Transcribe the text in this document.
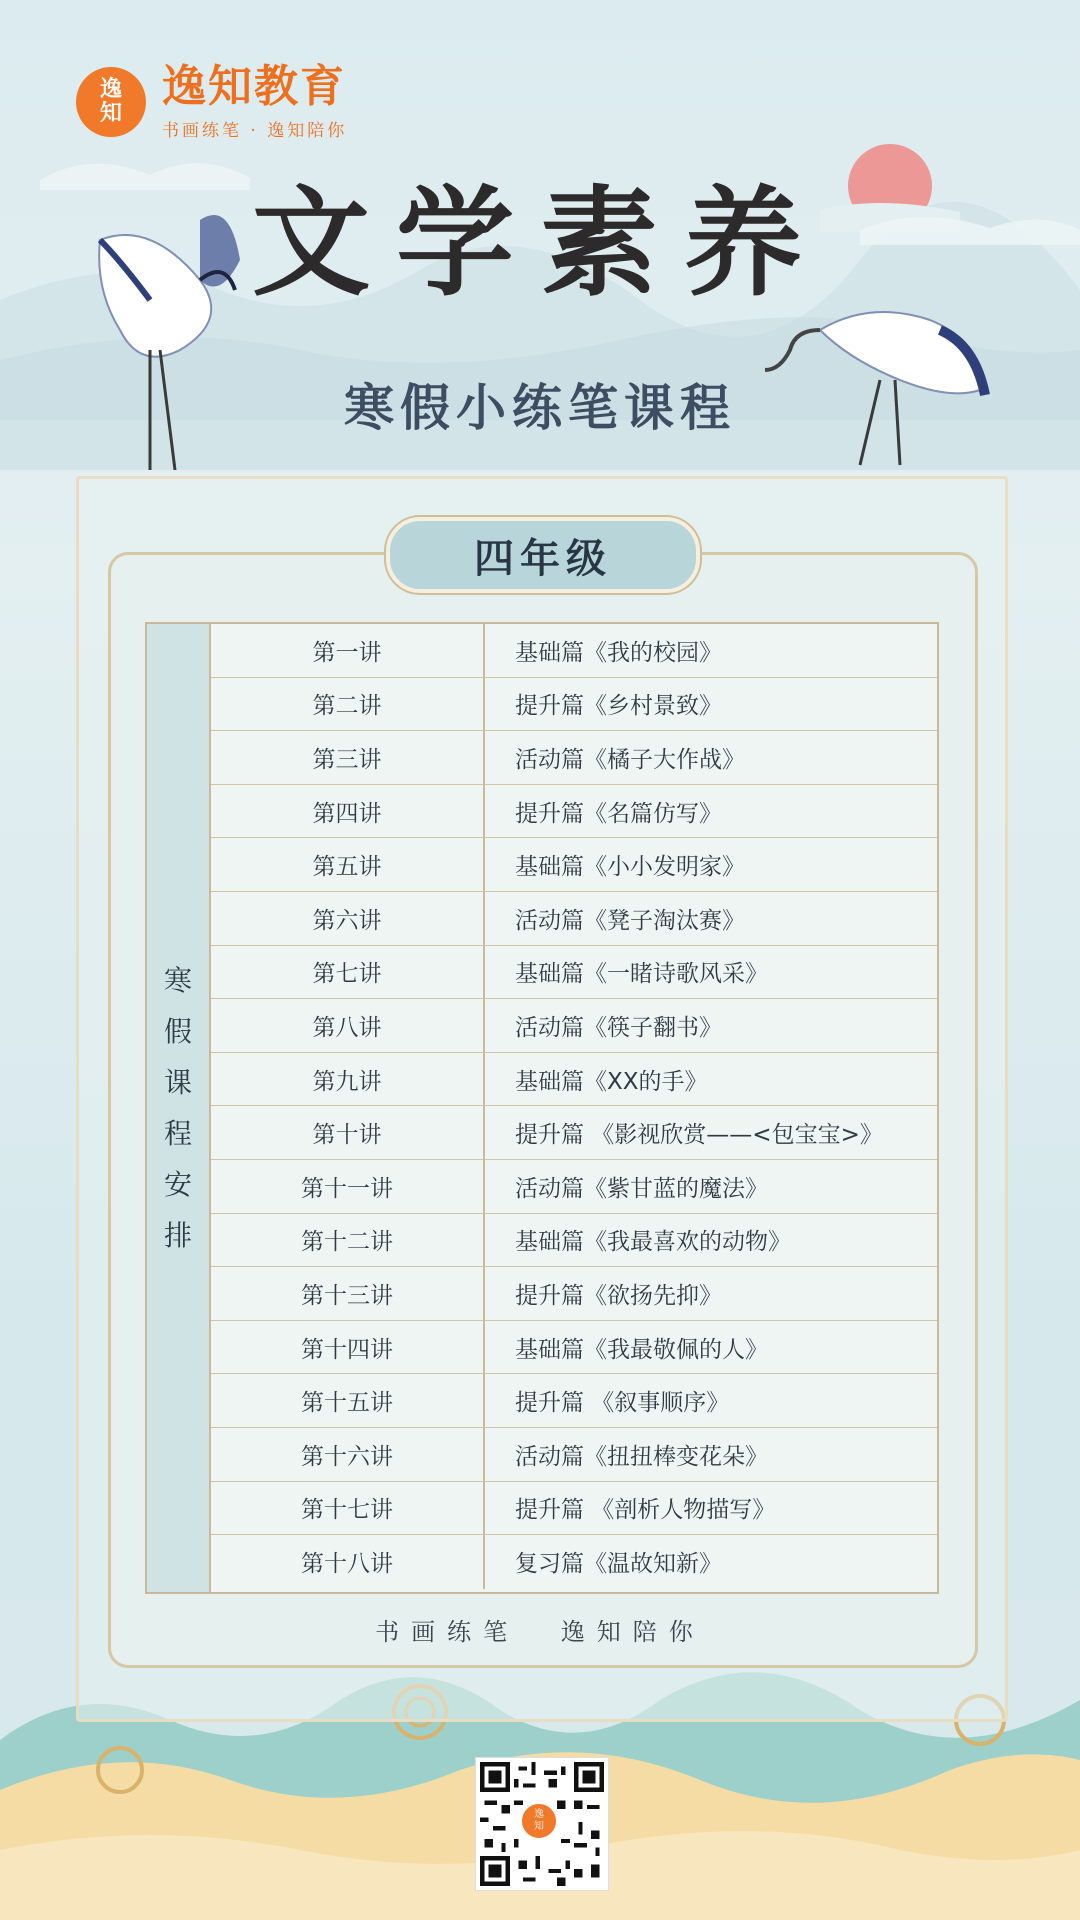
逸
知
逸知教育
书画练笔 · 逸知陪你
文学素养
寒假小练笔课程
四年级
寒
假
课
程
安
排
第一讲	基础篇《我的校园》
第二讲	提升篇《乡村景致》
第三讲	活动篇《橘子大作战》
第四讲	提升篇《名篇仿写》
第五讲	基础篇《小小发明家》
第六讲	活动篇《凳子淘汰赛》
第七讲	基础篇《一睹诗歌风采》
第八讲	活动篇《筷子翻书》
第九讲	基础篇《XX的手》
第十讲	提升篇 《影视欣赏——<包宝宝>》
第十一讲	活动篇《紫甘蓝的魔法》
第十二讲	基础篇《我最喜欢的动物》
第十三讲	提升篇《欲扬先抑》
第十四讲	基础篇《我最敬佩的人》
第十五讲	提升篇 《叙事顺序》
第十六讲	活动篇《扭扭棒变花朵》
第十七讲	提升篇 《剖析人物描写》
第十八讲	复习篇《温故知新》
书画练笔 逸知陪你
逸
知
